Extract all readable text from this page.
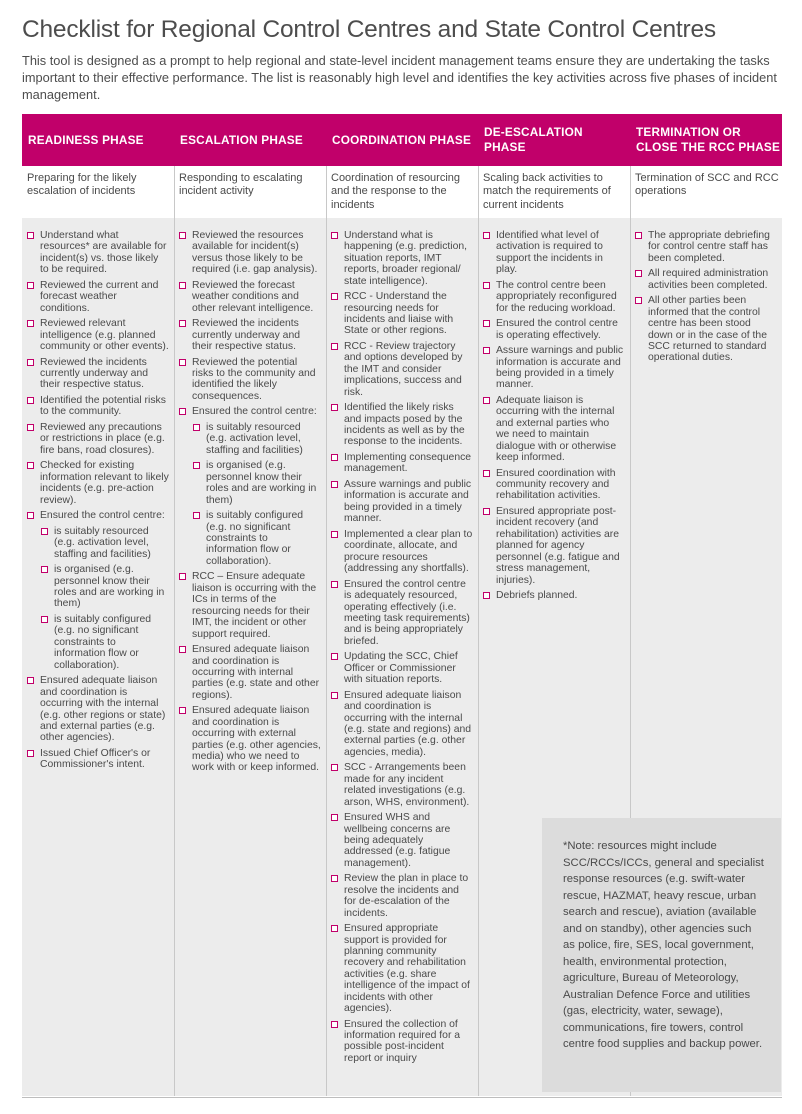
Checklist for Regional Control Centres and State Control Centres
This tool is designed as a prompt to help regional and state-level incident management teams ensure they are undertaking the tasks important to their effective performance. The list is reasonably high level and identifies the key activities across five phases of incident management.
READINESS PHASE	ESCALATION PHASE	COORDINATION PHASE
DE-ESCALATION PHASE
TERMINATION OR CLOSE THE RCC PHASE
Preparing for the likely escalation of incidents
Responding to escalating incident activity
Coordination of resourcing and the response to the incidents
Scaling back activities to match the requirements of current incidents
Termination of SCC and RCC operations
Understand what resources* are available for incident(s) vs. those likely to be required.
Reviewed the current and forecast weather conditions.
Reviewed relevant intelligence (e.g. planned community or other events).
Reviewed the incidents currently underway and their respective status.
Identified the potential risks to the community.
Reviewed any precautions or restrictions in place (e.g. fire bans, road closures).
Checked for existing information relevant to likely incidents (e.g. pre-action review).
Ensured the control centre:
is suitably resourced (e.g. activation level, staffing and facilities)
is organised (e.g. personnel know their roles and are working in them)
is suitably configured (e.g. no significant constraints to information flow or collaboration).
Ensured adequate liaison and coordination is occurring with the internal (e.g. other regions or state) and external parties (e.g. other agencies).
Issued Chief Officer's or Commissioner's intent.
Reviewed the resources available for incident(s) versus those likely to be required (i.e. gap analysis).
Reviewed the forecast weather conditions and other relevant intelligence.
Reviewed the incidents currently underway and their respective status.
Reviewed the potential risks to the community and identified the likely consequences.
Ensured the control centre:
is suitably resourced (e.g. activation level, staffing and facilities)
is organised (e.g. personnel know their roles and are working in them)
is suitably configured (e.g. no significant constraints to information flow or collaboration).
RCC – Ensure adequate liaison is occurring with the ICs in terms of the resourcing needs for their IMT, the incident or other support required.
Ensured adequate liaison and coordination is occurring with internal parties (e.g. state and other regions).
Ensured adequate liaison and coordination is occurring with external parties (e.g. other agencies, media) who we need to work with or keep informed.
Understand what is happening (e.g. prediction, situation reports, IMT reports, broader regional/ state intelligence).
RCC - Understand the resourcing needs for incidents and liaise with State or other regions.
RCC - Review trajectory and options developed by the IMT and consider implications, success and risk.
Identified the likely risks and impacts posed by the incidents as well as by the response to the incidents.
Implementing consequence management.
Assure warnings and public information is accurate and being provided in a timely manner.
Implemented a clear plan to coordinate, allocate, and procure resources (addressing any shortfalls).
Ensured the control centre is adequately resourced, operating effectively (i.e. meeting task requirements) and is being appropriately briefed.
Updating the SCC, Chief Officer or Commissioner with situation reports.
Ensured adequate liaison and coordination is occurring with the internal (e.g. state and regions) and external parties (e.g. other agencies, media).
SCC - Arrangements been made for any incident related investigations (e.g. arson, WHS, environment).
Ensured WHS and wellbeing concerns are being adequately addressed (e.g. fatigue management).
Review the plan in place to resolve the incidents and for de-escalation of the incidents.
Ensured appropriate support is provided for planning community recovery and rehabilitation activities (e.g. share intelligence of the impact of incidents with other agencies).
Ensured the collection of information required for a possible post-incident report or inquiry
Identified what level of activation is required to support the incidents in play.
The control centre been appropriately reconfigured for the reducing workload.
Ensured the control centre is operating effectively.
Assure warnings and public information is accurate and being provided in a timely manner.
Adequate liaison is occurring with the internal and external parties who we need to maintain dialogue with or otherwise keep informed.
Ensured coordination with community recovery and rehabilitation activities.
Ensured appropriate post-incident recovery (and rehabilitation) activities are planned for agency personnel (e.g. fatigue and stress management, injuries).
Debriefs planned.
The appropriate debriefing for control centre staff has been completed.
All required administration activities been completed.
All other parties been informed that the control centre has been stood down or in the case of the SCC returned to standard operational duties.
*Note: resources might include SCC/RCCs/ICCs, general and specialist response resources (e.g. swift-water rescue, HAZMAT, heavy rescue, urban search and rescue), aviation (available and on standby), other agencies such as police, fire, SES, local government, health, environmental protection, agriculture, Bureau of Meteorology, Australian Defence Force and utilities (gas, electricity, water, sewage), communications, fire towers, control centre food supplies and backup power.
